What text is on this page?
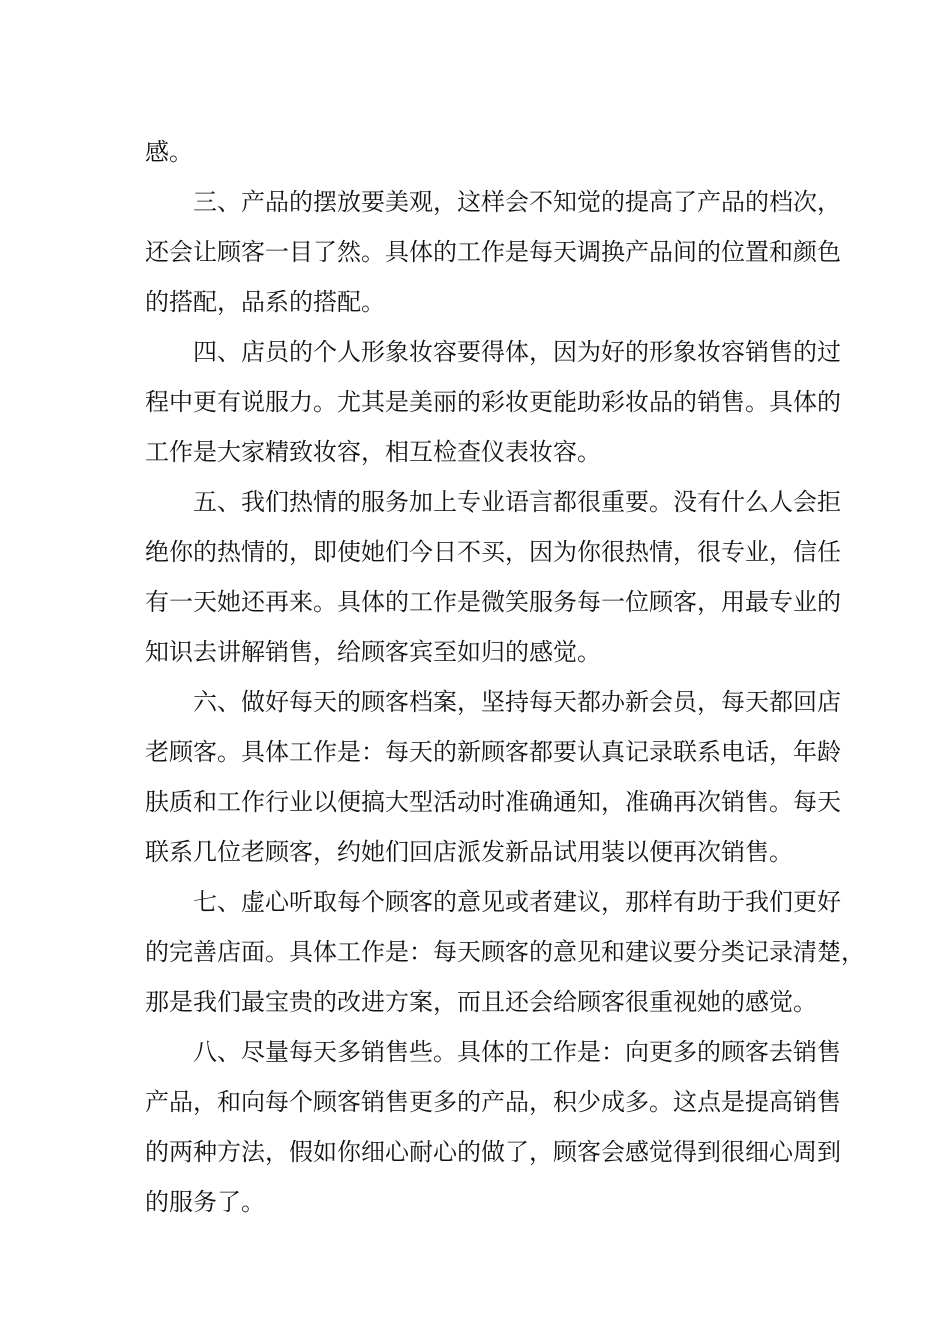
感。
三、产品的摆放要美观，这样会不知觉的提高了产品的档次，
还会让顾客一目了然。具体的工作是每天调换产品间的位置和颜色
的搭配，品系的搭配。
四、店员的个人形象妆容要得体，因为好的形象妆容销售的过
程中更有说服力。尤其是美丽的彩妆更能助彩妆品的销售。具体的
工作是大家精致妆容，相互检查仪表妆容。
五、我们热情的服务加上专业语言都很重要。没有什么人会拒
绝你的热情的，即使她们今日不买，因为你很热情，很专业，信任
有一天她还再来。具体的工作是微笑服务每一位顾客，用最专业的
知识去讲解销售，给顾客宾至如归的感觉。
六、做好每天的顾客档案，坚持每天都办新会员，每天都回店
老顾客。具体工作是：每天的新顾客都要认真记录联系电话，年龄
肤质和工作行业以便搞大型活动时准确通知，准确再次销售。每天
联系几位老顾客，约她们回店派发新品试用装以便再次销售。
七、虚心听取每个顾客的意见或者建议，那样有助于我们更好
的完善店面。具体工作是：每天顾客的意见和建议要分类记录清楚，
那是我们最宝贵的改进方案，而且还会给顾客很重视她的感觉。
八、尽量每天多销售些。具体的工作是：向更多的顾客去销售
产品，和向每个顾客销售更多的产品，积少成多。这点是提高销售
的两种方法，假如你细心耐心的做了，顾客会感觉得到很细心周到
的服务了。
